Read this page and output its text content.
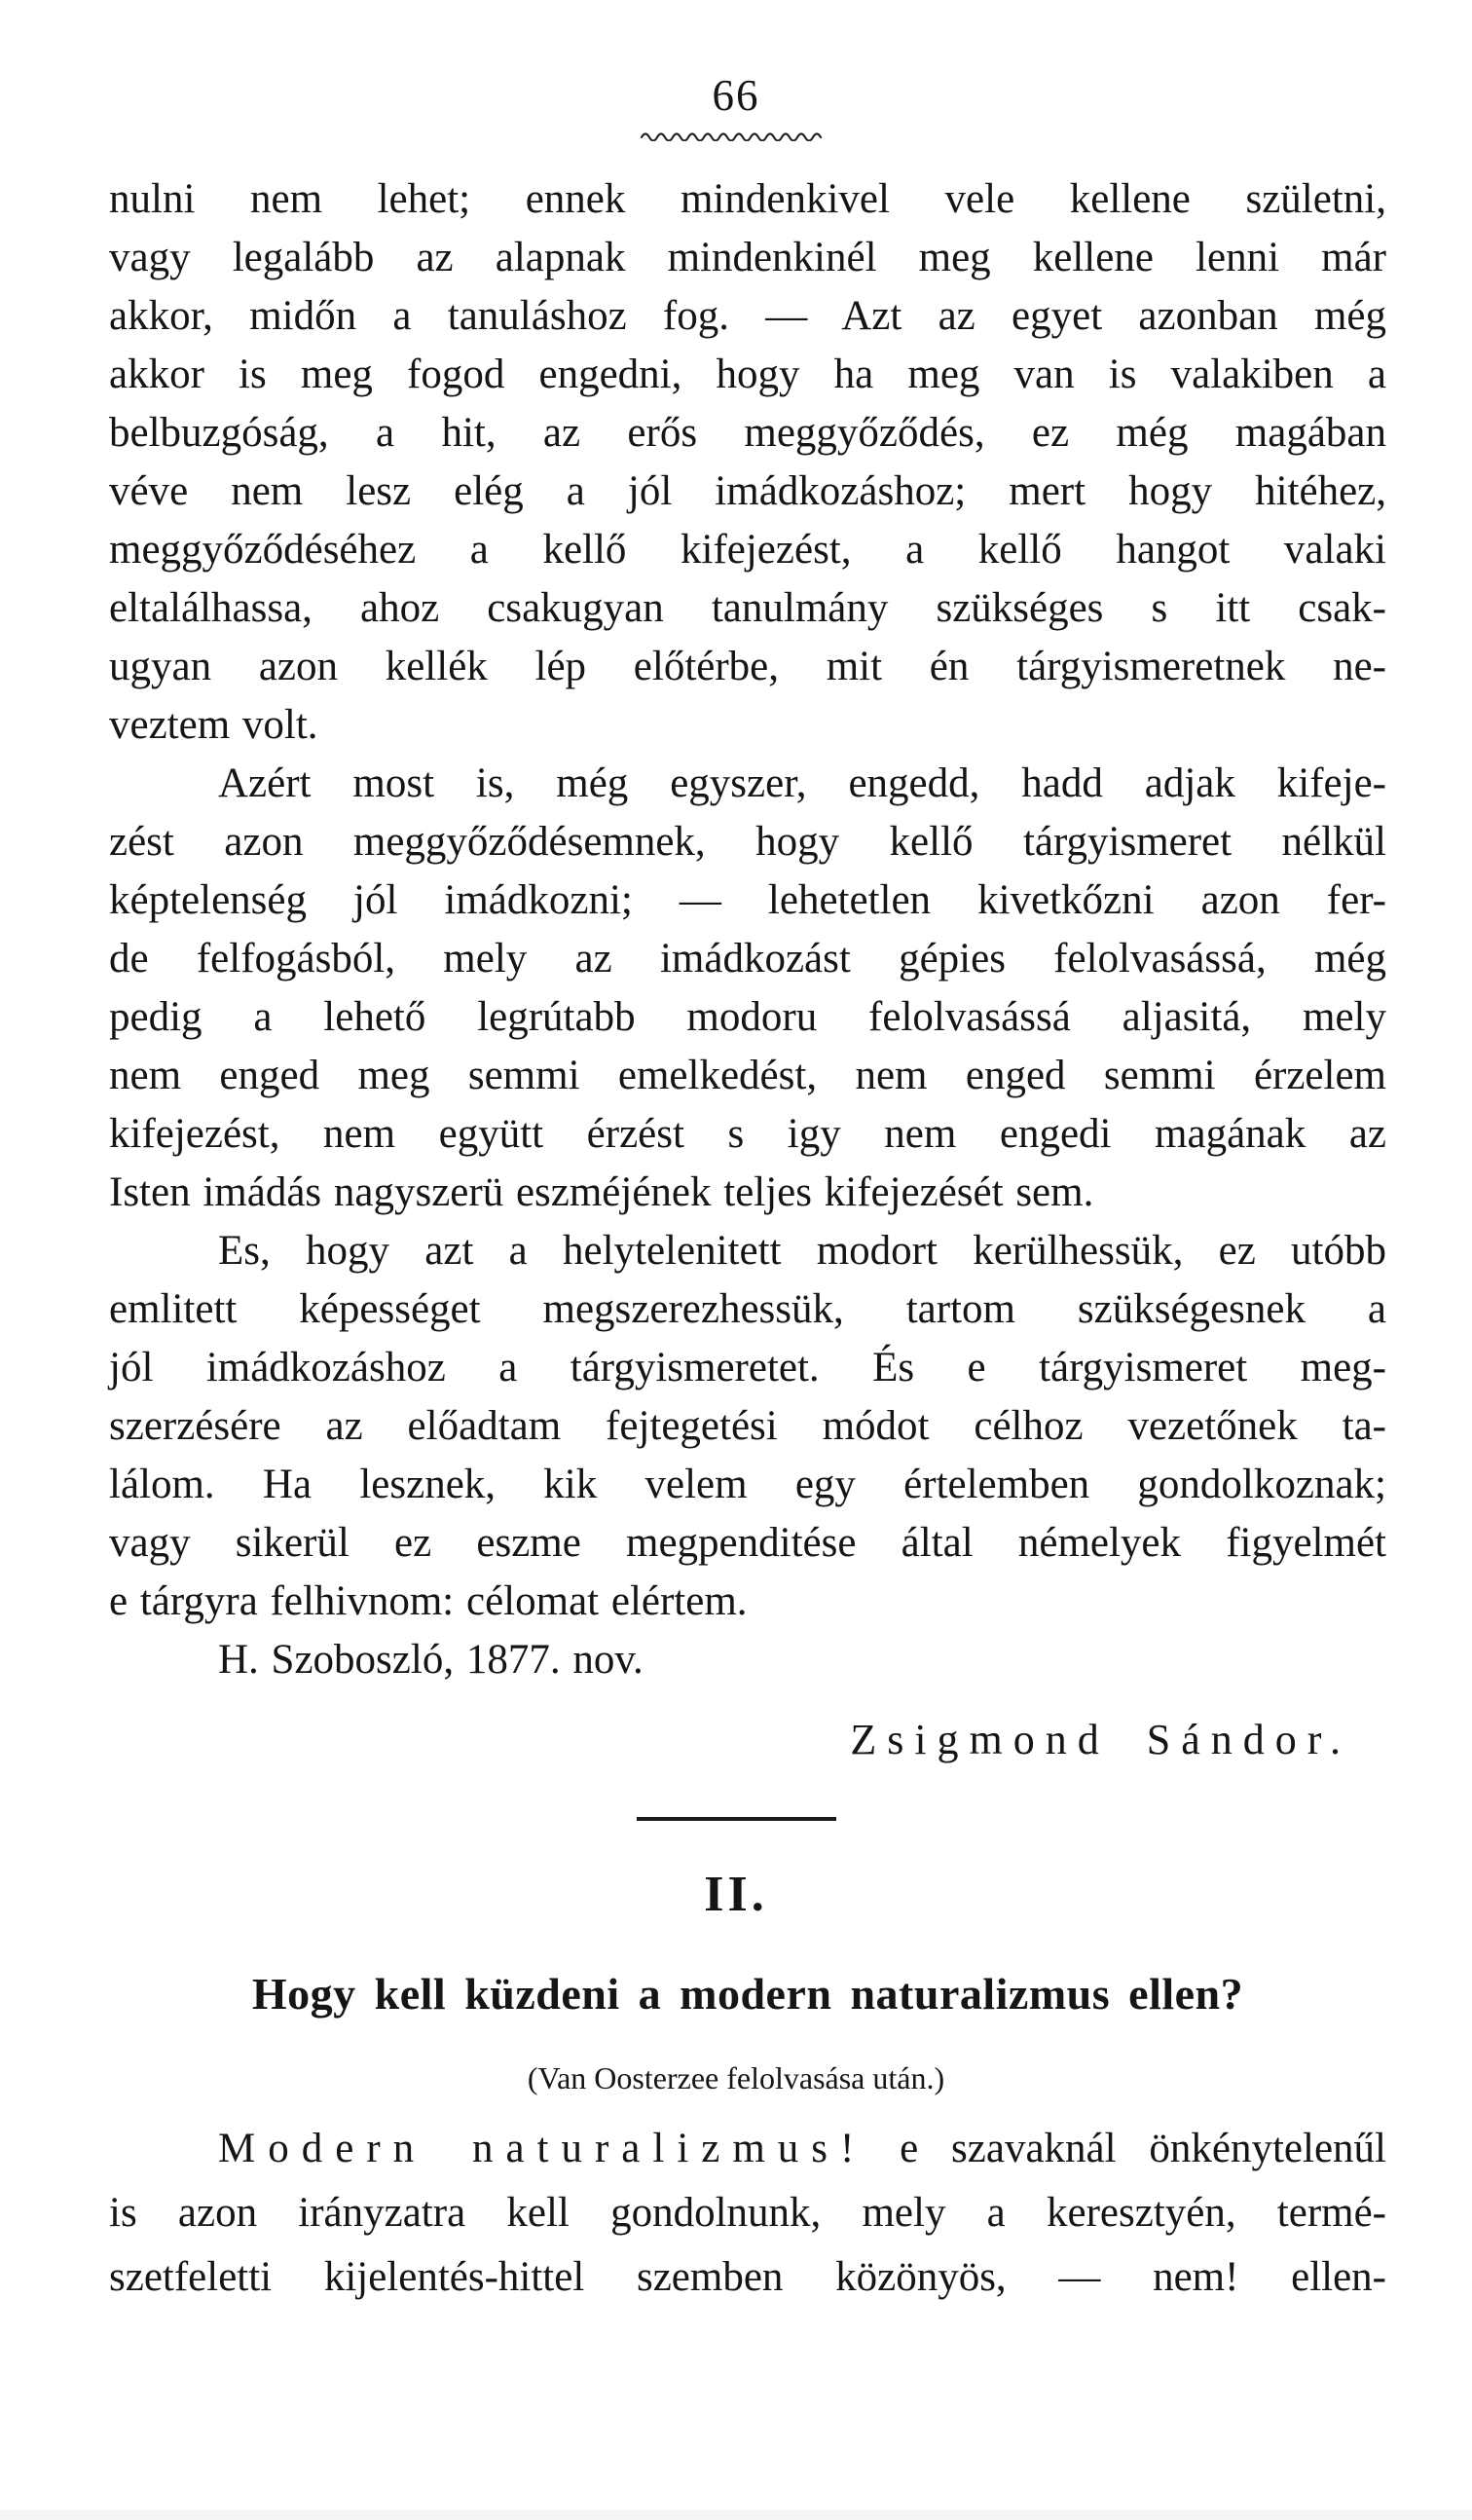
66
nulni nem lehet; ennek mindenkivel vele kellene születni,
vagy legalább az alapnak mindenkinél meg kellene lenni már
akkor, midőn a tanuláshoz fog. — Azt az egyet azonban még
akkor is meg fogod engedni, hogy ha meg van is valakiben a
belbuzgóság, a hit, az erős meggyőződés, ez még magában
véve nem lesz elég a jól imádkozáshoz; mert hogy hitéhez,
meggyőződéséhez a kellő kifejezést, a kellő hangot valaki
eltalálhassa, ahoz csakugyan tanulmány szükséges s itt csak-
ugyan azon kellék lép előtérbe, mit én tárgyismeretnek ne-
veztem volt.
Azért most is, még egyszer, engedd, hadd adjak kifeje-
zést azon meggyőződésemnek, hogy kellő tárgyismeret nélkül
képtelenség jól imádkozni; — lehetetlen kivetkőzni azon fer-
de felfogásból, mely az imádkozást gépies felolvasássá, még
pedig a lehető legrútabb modoru felolvasássá aljasitá, mely
nem enged meg semmi emelkedést, nem enged semmi érzelem
kifejezést, nem együtt érzést s igy nem engedi magának az
Isten imádás nagyszerü eszméjének teljes kifejezését sem.
Es, hogy azt a helytelenitett modort kerülhessük, ez utóbb
emlitett képességet megszerezhessük, tartom szükségesnek a
jól imádkozáshoz a tárgyismeretet. És e tárgyismeret meg-
szerzésére az előadtam fejtegetési módot célhoz vezetőnek ta-
lálom. Ha lesznek, kik velem egy értelemben gondolkoznak;
vagy sikerül ez eszme megpenditése által némelyek figyelmét
e tárgyra felhivnom: célomat elértem.
H. Szoboszló, 1877. nov.
Zsigmond Sándor.
II.
Hogy kell küzdeni a modern naturalizmus ellen?
(Van Oosterzee felolvasása után.)
Modern naturalizmus! e szavaknál önkénytelenűl
is azon irányzatra kell gondolnunk, mely a keresztyén, termé-
szetfeletti kijelentés-hittel szemben közönyös, — nem! ellen-
